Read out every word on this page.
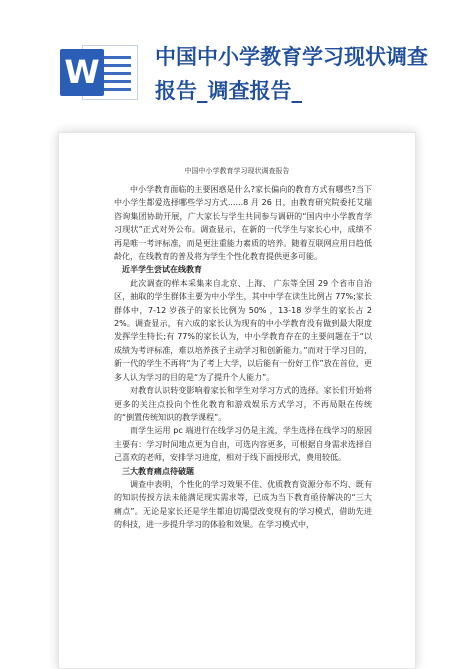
W	中国中小学教育学习现状调查报告_调查报告_
中国中小学教育学习现状调查报告

中小学教育面临的主要困惑是什么?家长偏向的教育方式有哪些?当下中小学生都爱选择哪些学习方式......8 月 26 日，由教育研究院委托艾瑞咨询集团协助开展，广大家长与学生共同参与调研的“国内中小学教育学习现状”正式对外公布。调查显示，在新的一代学生与家长心中，成绩不再是唯一考评标准，而是更注重能力素质的培养。随着互联网应用日趋低龄化，在线教育的普及将为学生个性化教育提供更多可能。

近半学生尝试在线教育

此次调查的样本采集来自北京、上海、 广东等全国 29 个省市自治区，抽取的学生群体主要为中小学生，其中中学在读生比例占 77%;家长群体中，7-12 岁孩子的家长比例为 50% ，13-18 岁学生的家长占 22%。调查显示，有六成的家长认为现有的中小学教育没有做到最大限度发挥学生特长;有 77%的家长认为，中小学教育存在的主要问题在于“以成绩为考评标准，难以培养孩子主动学习和创新能力。”而对于学习目的，新一代的学生不再将“为了考上大学，以后能有一份好工作”放在首位，更多人认为学习的目的是“为了提升个人能力”。

对教育认识转变影响着家长和学生对学习方式的选择。家长们开始将更多的关注点投向个性化教育和游戏娱乐方式学习，不再局限在传统的“倒置传统知识的教学课程”。

而学生运用 pc 端进行在线学习仍是主流，学生选择在线学习的原因主要有：学习时间地点更为自由，可选内容更多，可根据自身需求选择自己喜欢的老师，安排学习进度，相对于线下面授形式，费用较低。

三大教育痛点待破题

调查中表明，个性化的学习效果不佳、优质教育资源分布不均、既有的知识传授方法未能满足现实需求等，已成为当下教育亟待解决的“三大痛点”。无论是家长还是学生都迫切渴望改变现有的学习模式，借助先进的科技，进一步提升学习的体验和效果。在学习模式中，
